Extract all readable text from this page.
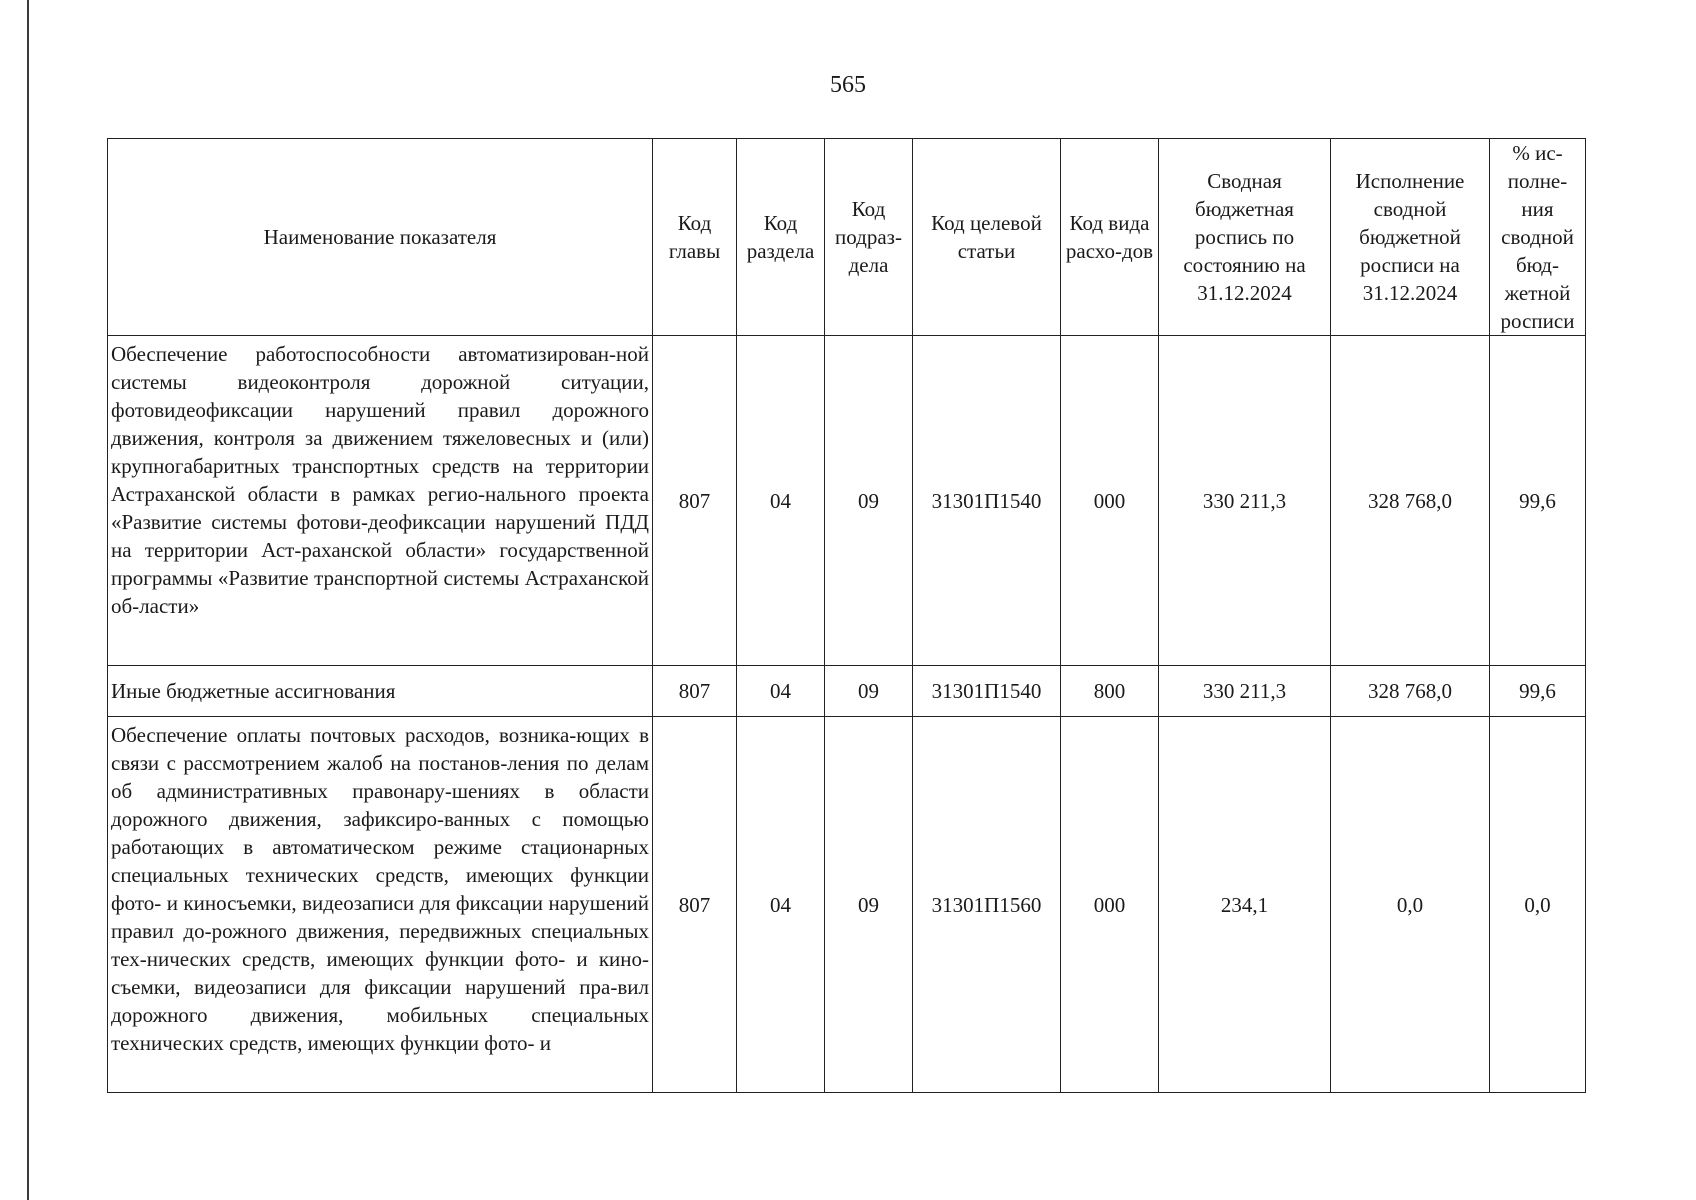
565
Наименование показателя	Код главы	Код раздела	Код подраз-дела	Код целевой статьи	Код вида расхо-дов	Сводная бюджетная роспись по состоянию на 31.12.2024	Исполнение сводной бюджетной росписи на 31.12.2024	% ис-полне-ния сводной бюд-жетной росписи
Обеспечение работоспособности автоматизирован-ной системы видеоконтроля дорожной ситуации, фотовидеофиксации нарушений правил дорожного движения, контроля за движением тяжеловесных и (или) крупногабаритных транспортных средств на территории Астраханской области в рамках регио-нального проекта «Развитие системы фотови-деофиксации нарушений ПДД на территории Аст-раханской области» государственной программы «Развитие транспортной системы Астраханской об-ласти»	807	04	09	31301П1540	000	330 211,3	328 768,0	99,6
Иные бюджетные ассигнования	807	04	09	31301П1540	800	330 211,3	328 768,0	99,6
Обеспечение оплаты почтовых расходов, возника-ющих в связи с рассмотрением жалоб на постанов-ления по делам об административных правонару-шениях в области дорожного движения, зафиксиро-ванных с помощью работающих в автоматическом режиме стационарных специальных технических средств, имеющих функции фото- и киносъемки, видеозаписи для фиксации нарушений правил до-рожного движения, передвижных специальных тех-нических средств, имеющих функции фото- и кино-съемки, видеозаписи для фиксации нарушений пра-вил дорожного движения, мобильных специальных технических средств, имеющих функции фото- и	807	04	09	31301П1560	000	234,1	0,0	0,0
